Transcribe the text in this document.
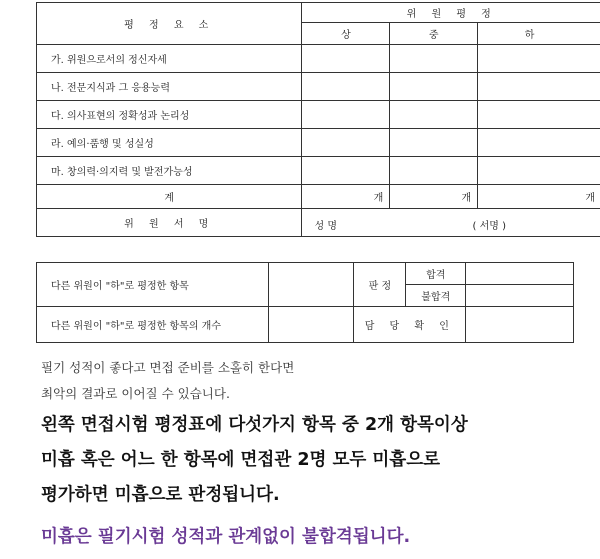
평 정 요 소	위 원 평 정		
	상	중	하
가. 위원으로서의 정신자세			
나. 전문지식과 그 응용능력			
다. 의사표현의 정확성과 논리성			
라. 예의·품행 및 성실성			
마. 창의력·의지력 및 발전가능성			
계	개	개	개
위 원 서 명	성 명 ( 서명 )		
다른 위원이 "하"로 평정한 항목		판 정	합격	
			불합격	
다른 위원이 "하"로 평정한 항목의 개수		담 당 확 인		
필기 성적이 좋다고 면접 준비를 소홀히 한다면
최악의 결과로 이어질 수 있습니다.
왼쪽 면접시험 평정표에 다섯가지 항목 중 2개 항목이상
미흡 혹은 어느 한 항목에 면접관 2명 모두 미흡으로
평가하면 미흡으로 판정됩니다.
미흡은 필기시험 성적과 관계없이 불합격됩니다.
